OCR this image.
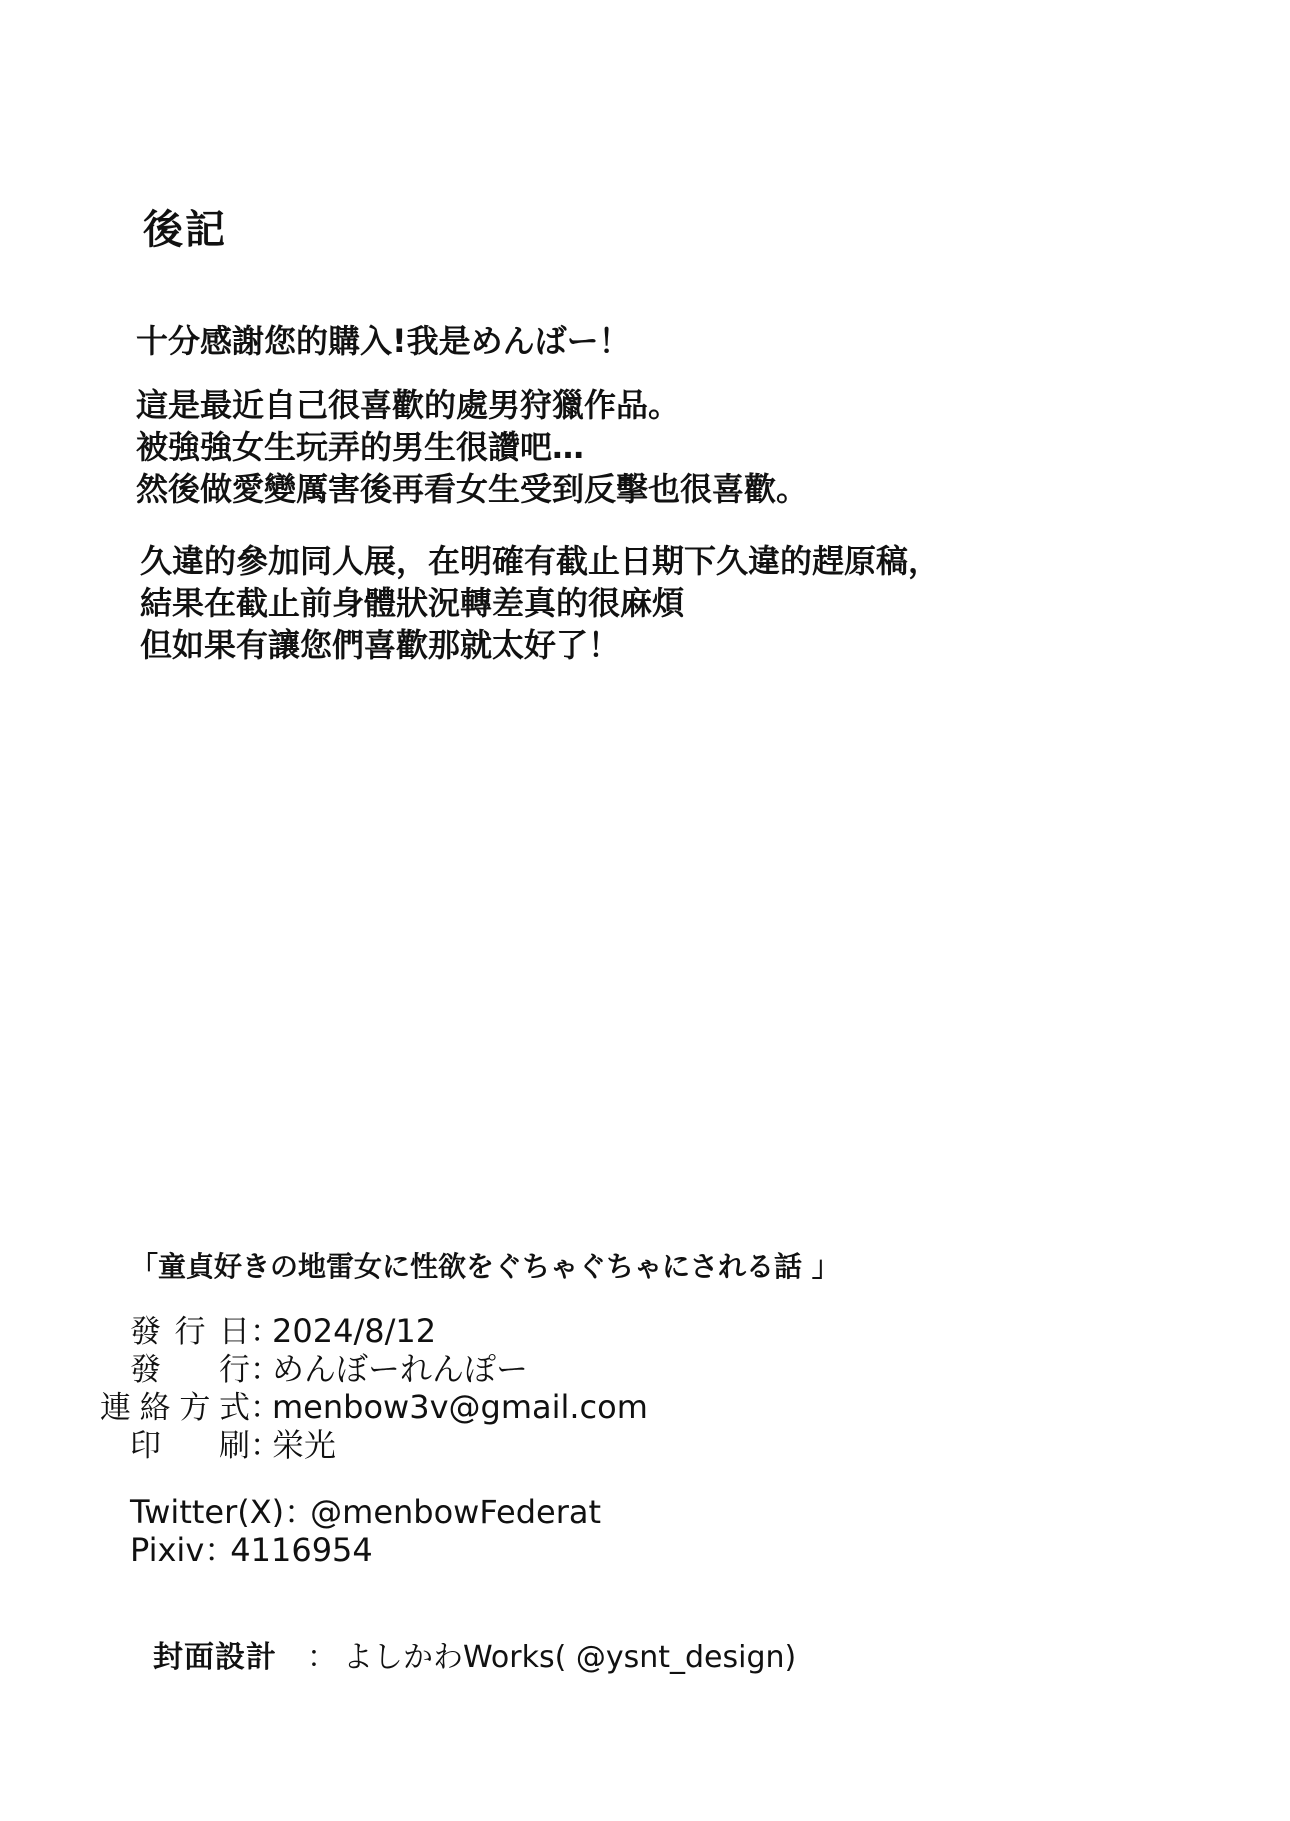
後記

十分感謝您的購入!我是めんばー！

這是最近自己很喜歡的處男狩獵作品。
被強強女生玩弄的男生很讚吧…
然後做愛變厲害後再看女生受到反擊也很喜歡。

久違的參加同人展，在明確有截止日期下久違的趕原稿，
結果在截止前身體狀況轉差真的很麻煩
但如果有讓您們喜歡那就太好了！

「童貞好きの地雷女に性欲をぐちゃぐちゃにされる話 」

發行日 ：
2024/8/12
發行 ：
めんぼーれんぽー
連絡方式 ：
menbow3v@gmail.com
印刷 ：
栄光
Twitter(X) ：
@menbowFederat
Pixiv ：
4116954

封面設計	： よしかわWorks( @ysnt_design)
